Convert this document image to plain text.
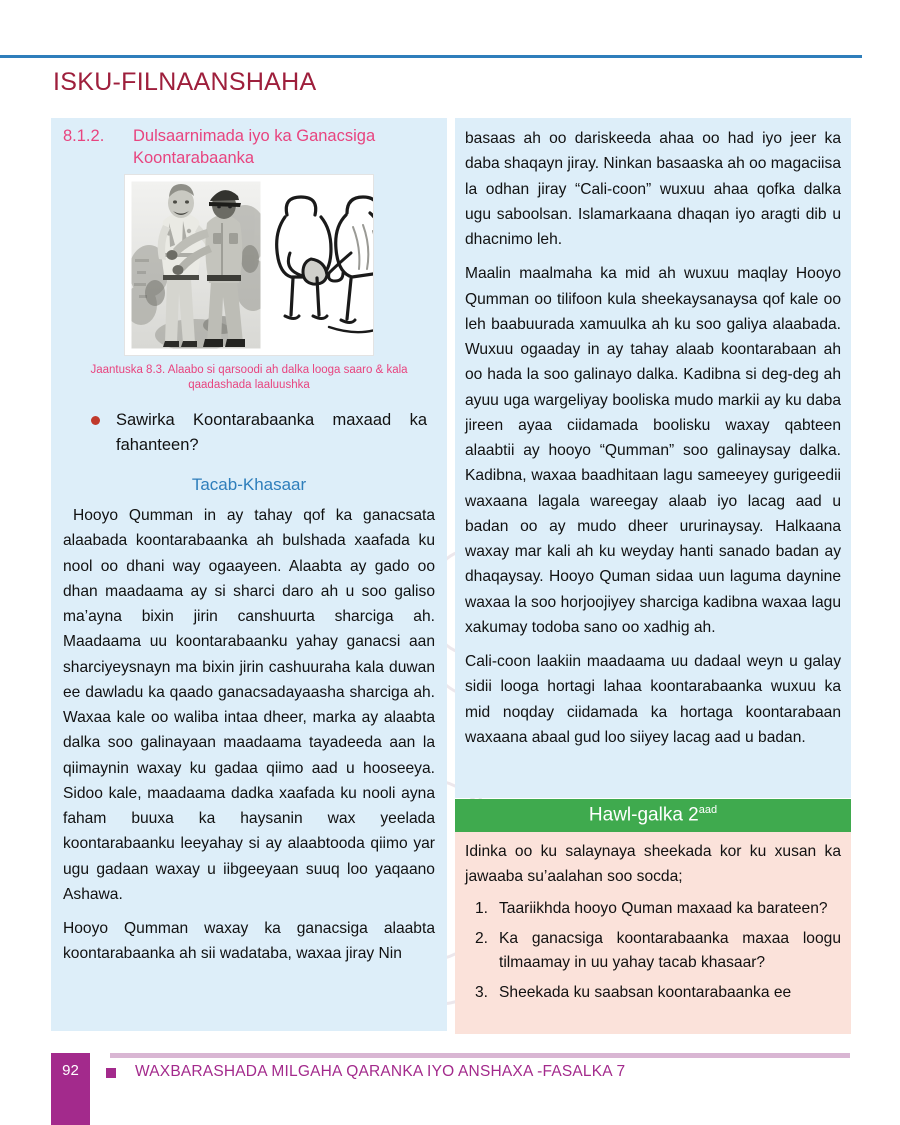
ISKU-FILNAANSHAHA
8.1.2.	Dulsaarnimada iyo ka Ganacsiga
Koontarabaanka
Jaantuska 8.3. Alaabo si qarsoodi ah dalka looga saaro & kala qaadashada laaluushka
Sawirka Koontarabaanka maxaad ka fahanteen?
Tacab-Khasaar

Hooyo Qumman in ay tahay qof ka ganacsata alaabada koontarabaanka ah bulshada xaafada ku nool oo dhani way ogaayeen. Alaabta ay gado oo dhan maadaama ay si sharci daro ah u soo galiso ma’ayna bixin jirin canshuurta sharciga ah. Maadaama uu koontarabaanku yahay ganacsi aan sharciyeysnayn ma bixin jirin cashuuraha kala duwan ee dawladu ka qaado ganacsadayaasha sharciga ah. Waxaa kale oo waliba intaa dheer, marka ay alaabta dalka soo galinayaan maadaama tayadeeda aan la qiimaynin waxay ku gadaa qiimo aad u hooseeya. Sidoo kale, maadaama dadka xaafada ku nooli ayna faham buuxa ka haysanin wax yeelada koontarabaanku leeyahay si ay alaabtooda qiimo yar ugu gadaan waxay u iibgeeyaan suuq loo yaqaano Ashawa.

Hooyo Qumman waxay ka ganacsiga alaabta koontarabaanka ah sii wadataba, waxaa jiray Nin

basaas ah oo dariskeeda ahaa oo had iyo jeer ka daba shaqayn jiray. Ninkan basaaska ah oo magaciisa la odhan jiray “Cali-coon” wuxuu ahaa qofka dalka ugu saboolsan. Islamarkaana dhaqan iyo aragti dib u dhacnimo leh.

Maalin maalmaha ka mid ah wuxuu maqlay Hooyo Qumman oo tilifoon kula sheekaysanaysa qof kale oo leh baabuurada xamuulka ah ku soo galiya alaabada. Wuxuu ogaaday in ay tahay alaab koontarabaan ah oo hada la soo galinayo dalka. Kadibna si deg-deg ah ayuu uga wargeliyay booliska mudo markii ay ku daba jireen ayaa ciidamada boolisku waxay qabteen alaabtii ay hooyo “Qumman” soo galinaysay dalka. Kadibna, waxaa baadhitaan lagu sameeyey gurigeedii waxaana lagala wareegay alaab iyo lacag aad u badan oo ay mudo dheer ururinaysay. Halkaana waxay mar kali ah ku weyday hanti sanado badan ay dhaqaysay. Hooyo Quman sidaa uun laguma daynine waxaa la soo horjoojiyey sharciga kadibna waxaa lagu xakumay todoba sano oo xadhig ah.

Cali-coon laakiin maadaama uu dadaal weyn u galay sidii looga hortagi lahaa koontarabaanka wuxuu ka mid noqday ciidamada ka hortaga koontarabaan waxaana abaal gud loo siiyey lacag aad u badan.

Hawl-galka $2^{aad}$

Idinka oo ku salaynaya sheekada kor ku xusan ka jawaaba su’aalahan soo socda;

1. Taariikhda hooyo Quman maxaad ka barateen?
2. Ka ganacsiga koontarabaanka maxaa loogu tilmaamay in uu yahay tacab khasaar?
3. Sheekada ku saabsan koontarabaanka ee
92	WAXBARASHADA MILGAHA QARANKA IYO ANSHAXA -FASALKA 7
